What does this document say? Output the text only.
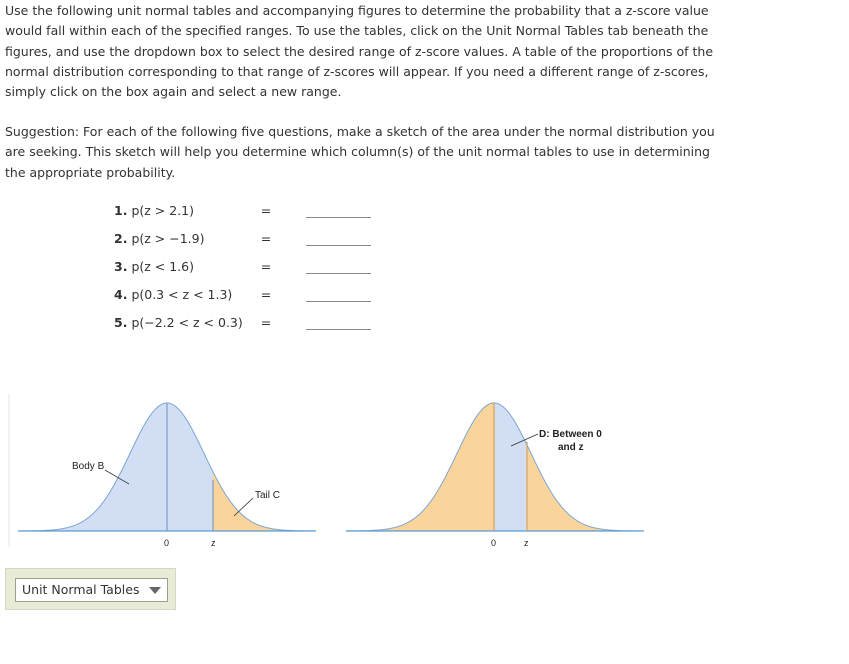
Use the following unit normal tables and accompanying figures to determine the probability that a z-score value would fall within each of the specified ranges. To use the tables, click on the Unit Normal Tables tab beneath the figures, and use the dropdown box to select the desired range of z-score values. A table of the proportions of the normal distribution corresponding to that range of z-scores will appear. If you need a different range of z-scores, simply click on the box again and select a new range.

Suggestion: For each of the following five questions, make a sketch of the area under the normal distribution you are seeking. This sketch will help you determine which column(s) of the unit normal tables to use in determining the appropriate probability.

1. p(z > 2.1)	=
2. p(z > −1.9)	=
3. p(z < 1.6)	=
4. p(0.3 < z < 1.3) =
5. p(−2.2 < z < 0.3) =
Body B
Tail C
0	z
D: Between 0
and z
0	z
Unit Normal Tables
